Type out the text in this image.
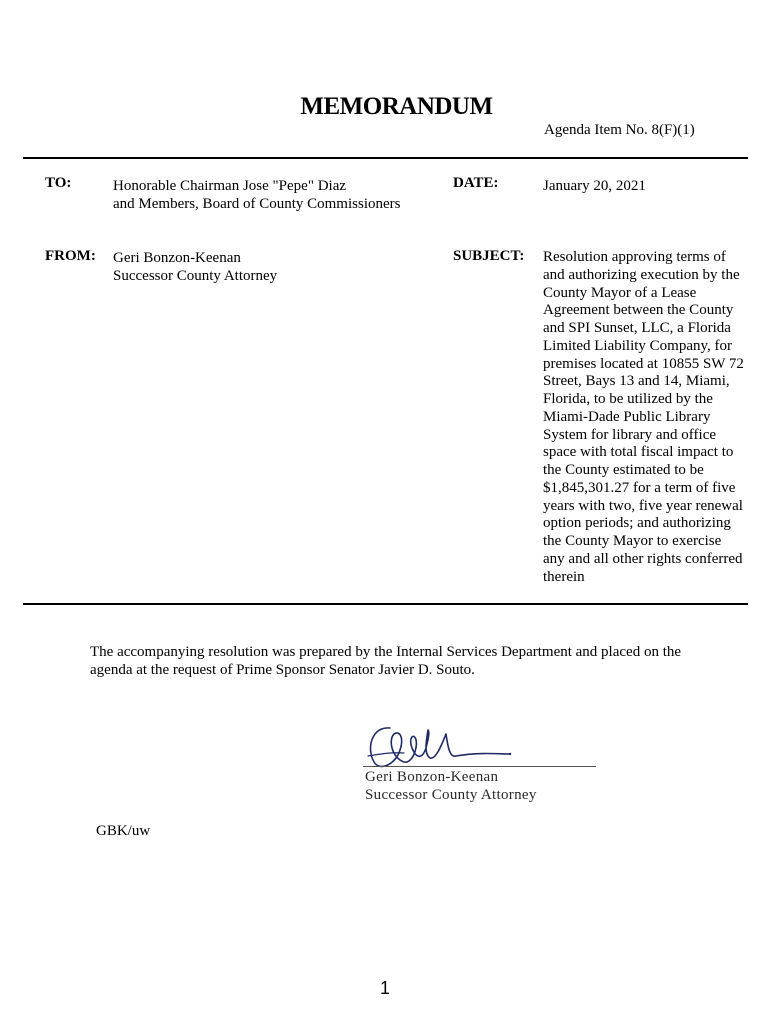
MEMORANDUM
Agenda Item No. 8(F)(1)
TO:	Honorable Chairman Jose "Pepe" Diaz
and Members, Board of County Commissioners
DATE:	January 20, 2021
FROM: Geri Bonzon-Keenan
Successor County Attorney
SUBJECT: Resolution approving terms of
and authorizing execution by the
County Mayor of a Lease
Agreement between the County
and SPI Sunset, LLC, a Florida
Limited Liability Company, for
premises located at 10855 SW 72
Street, Bays 13 and 14, Miami,
Florida, to be utilized by the
Miami-Dade Public Library
System for library and office
space with total fiscal impact to
the County estimated to be
$1,845,301.27 for a term of five
years with two, five year renewal
option periods; and authorizing
the County Mayor to exercise
any and all other rights conferred
therein
The accompanying resolution was prepared by the Internal Services Department and placed on the
agenda at the request of Prime Sponsor Senator Javier D. Souto.
Geri Bonzon-Keenan
Successor County Attorney
GBK/uw
1
